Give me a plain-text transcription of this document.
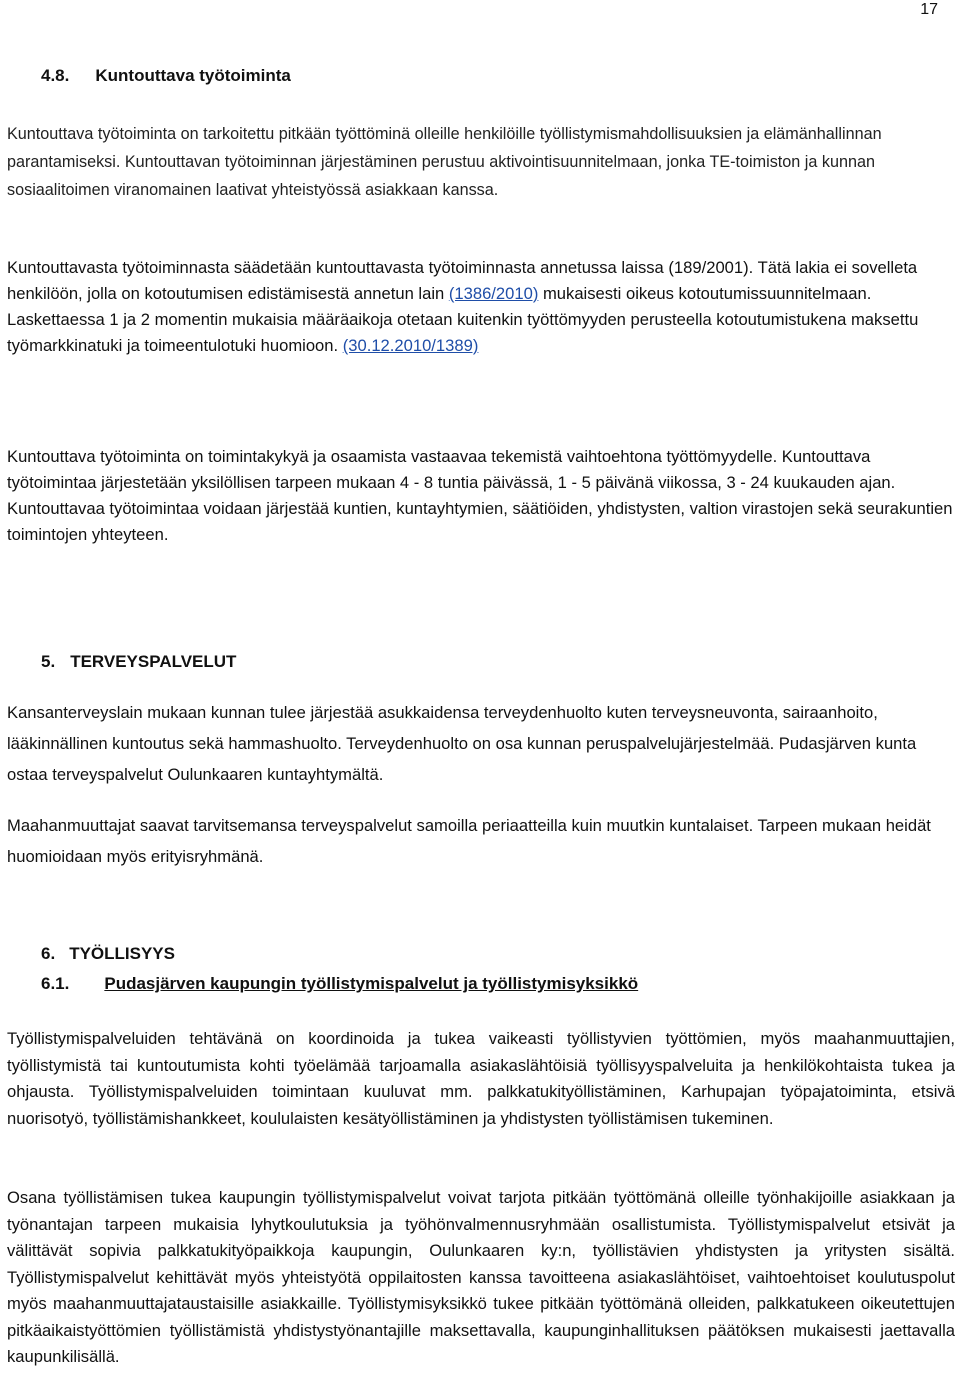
17
4.8. Kuntouttava työtoiminta

Kuntouttava työtoiminta on tarkoitettu pitkään työttöminä olleille henkilöille työllistymismahdollisuuksien ja elämänhallinnan parantamiseksi. Kuntouttavan työtoiminnan järjestäminen perustuu aktivointisuunnitelmaan, jonka TE-toimiston ja kunnan sosiaalitoimen viranomainen laativat yhteistyössä asiakkaan kanssa.

Kuntouttavasta työtoiminnasta säädetään kuntouttavasta työtoiminnasta annetussa laissa (189/2001). Tätä lakia ei sovelleta henkilöön, jolla on kotoutumisen edistämisestä annetun lain (1386/2010) mukaisesti oikeus kotoutumissuunnitelmaan. Laskettaessa 1 ja 2 momentin mukaisia määräaikoja otetaan kuitenkin työttömyyden perusteella kotoutumistukena maksettu työmarkkinatuki ja toimeentulotuki huomioon. (30.12.2010/1389)

Kuntouttava työtoiminta on toimintakykyä ja osaamista vastaavaa tekemistä vaihtoehtona työttömyydelle. Kuntouttava työtoimintaa järjestetään yksilöllisen tarpeen mukaan 4 - 8 tuntia päivässä, 1 - 5 päivänä viikossa, 3 - 24 kuukauden ajan. Kuntouttavaa työtoimintaa voidaan järjestää kuntien, kuntayhtymien, säätiöiden, yhdistysten, valtion virastojen sekä seurakuntien toimintojen yhteyteen.

5. TERVEYSPALVELUT

Kansanterveyslain mukaan kunnan tulee järjestää asukkaidensa terveydenhuolto kuten terveysneuvonta, sairaanhoito, lääkinnällinen kuntoutus sekä hammashuolto. Terveydenhuolto on osa kunnan peruspalvelujärjestelmää. Pudasjärven kunta ostaa terveyspalvelut Oulunkaaren kuntayhtymältä.

Maahanmuuttajat saavat tarvitsemansa terveyspalvelut samoilla periaatteilla kuin muutkin kuntalaiset. Tarpeen mukaan heidät huomioidaan myös erityisryhmänä.

6. TYÖLLISYYS
6.1. Pudasjärven kaupungin työllistymispalvelut ja työllistymisyksikkö

Työllistymispalveluiden tehtävänä on koordinoida ja tukea vaikeasti työllistyvien työttömien, myös maahanmuuttajien, työllistymistä tai kuntoutumista kohti työelämää tarjoamalla asiakaslähtöisiä työllisyyspalveluita ja henkilökohtaista tukea ja ohjausta. Työllistymispalveluiden toimintaan kuuluvat mm. palkkatukityöllistäminen, Karhupajan työpajatoiminta, etsivä nuorisotyö, työllistämishankkeet, koululaisten kesätyöllistäminen ja yhdistysten työllistämisen tukeminen.

Osana työllistämisen tukea kaupungin työllistymispalvelut voivat tarjota pitkään työttömänä olleille työnhakijoille asiakkaan ja työnantajan tarpeen mukaisia lyhytkoulutuksia ja työhönvalmennusryhmään osallistumista. Työllistymispalvelut etsivät ja välittävät sopivia palkkatukityöpaikkoja kaupungin, Oulunkaaren ky:n, työllistävien yhdistysten ja yritysten sisältä. Työllistymispalvelut kehittävät myös yhteistyötä oppilaitosten kanssa tavoitteena asiakaslähtöiset, vaihtoehtoiset koulutuspolut myös maahanmuuttajataustaisille asiakkaille. Työllistymisyksikkö tukee pitkään työttömänä olleiden, palkkatukeen oikeutettujen pitkäaikaistyöttömien työllistämistä yhdistystyönantajille maksettavalla, kaupunginhallituksen päätöksen mukaisesti jaettavalla kaupunkilisällä.
